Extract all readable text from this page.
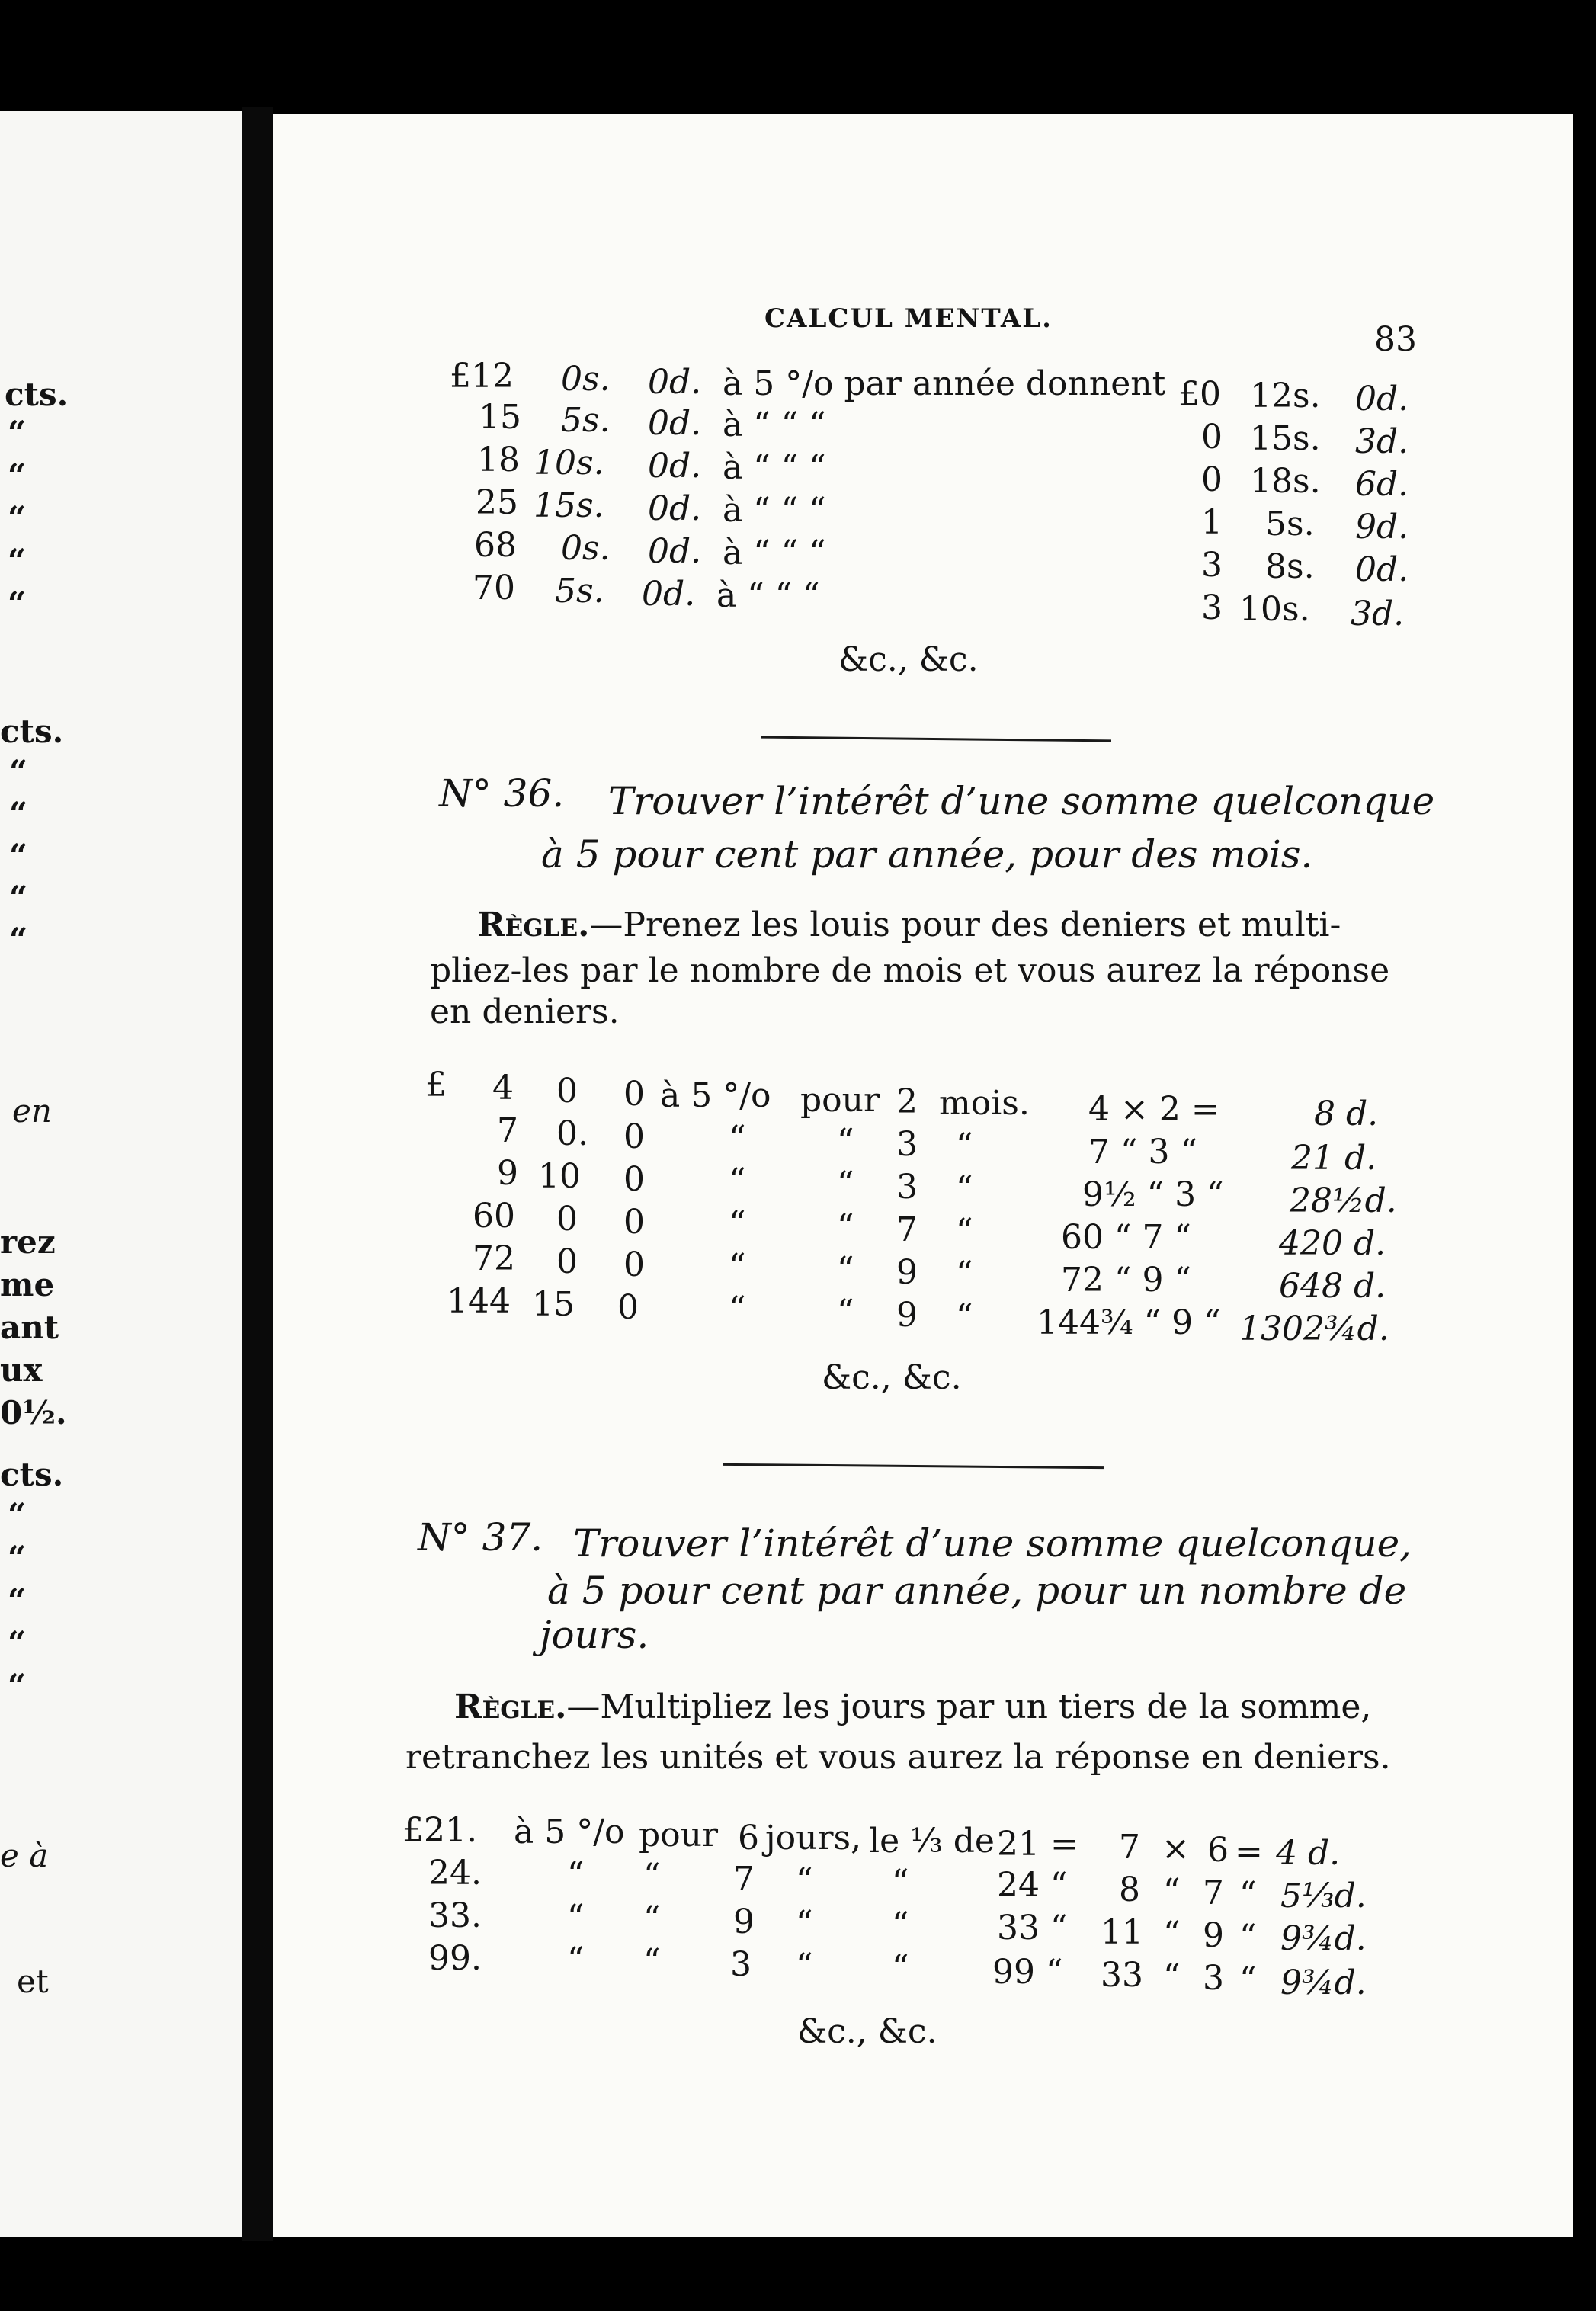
cts.
“
“
“
“
“
cts.
“
“
“
“
“
en
rez
me
ant
ux
0½.
cts.
“
“
“
“
“
e à
et
CALCUL MENTAL.
83
£12 0s. 0d. à 5 °/o par année donnent £0 12s. 0d.
15 5s. 0d. à “ “ “	0 15s. 3d.
18 10s. 0d. à “ “ “	0 18s. 6d.
25 15s. 0d. à “ “ “	1 5s. 9d.
68 0s. 0d. à “ “ “	3 8s. 0d.
70 5s. 0d. à “ “ “	3 10s. 3d.
&c., &c.
N° 36. Trouver l’intérêt d’une somme quelconque
à 5 pour cent par année, pour des mois.
Règle.—Prenez les louis pour des deniers et multi-
pliez-les par le nombre de mois et vous aurez la réponse
en deniers.
£ 4 0 0 à 5 °/o pour 2 mois. 4 × 2 =	8 d.
7 0. 0	“	“ 3 “	7 “ 3 “	21 d.
9 10 0	“	“ 3 “	9½ “ 3 “ 28½d.
60 0 0	“	“ 7 “	60 “ 7 “	420 d.
72 0 0	“	“ 9 “	72 “ 9 “	648 d.
144 15 0	“	“ 9 “ 144¾ “ 9 “ 1302¾d.
&c., &c.
N° 37. Trouver l’intérêt d’une somme quelconque,
à 5 pour cent par année, pour un nombre de
jours.
Règle.—Multipliez les jours par un tiers de la somme,
retranchez les unités et vous aurez la réponse en deniers.
£21. à 5 °/o pour 6 jours, le ⅓ de 21 = 7 × 6 = 4 d.
24.	“ “ 7 “ “	24 “ 8 “ 7 “ 5⅓d.
33.	“ “ 9 “ “	33 “ 11 “ 9 “ 9¾d.
99.	“ “ 3 “ “ 99 “ 33 “ 3 “ 9¾d.
&c., &c.
